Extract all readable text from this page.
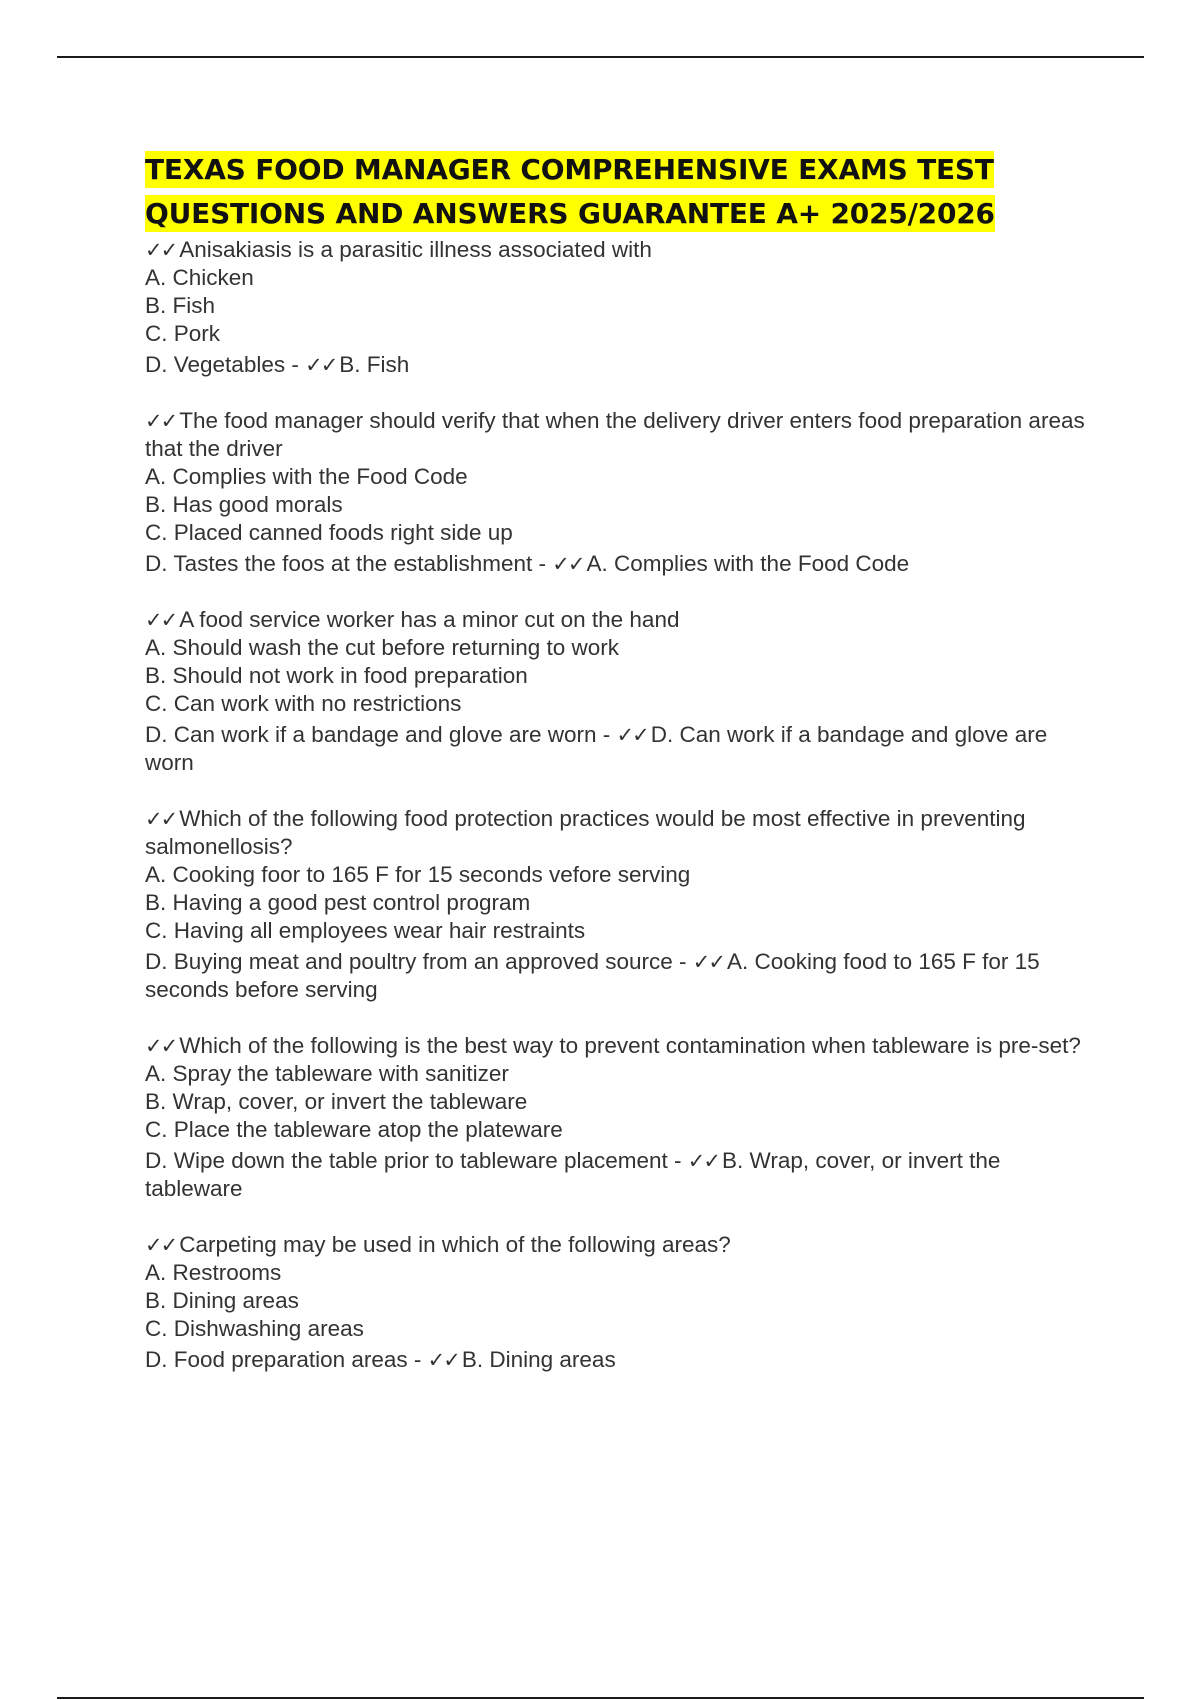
TEXAS FOOD MANAGER COMPREHENSIVE EXAMS TEST
QUESTIONS AND ANSWERS GUARANTEE A+ 2025/2026

✓✓ Anisakiasis is a parasitic illness associated with

A. Chicken

B. Fish

C. Pork

D. Vegetables - ✓✓ B. Fish

✓✓ The food manager should verify that when the delivery driver enters food preparation areas that the driver

A. Complies with the Food Code

B. Has good morals

C. Placed canned foods right side up

D. Tastes the foos at the establishment - ✓✓ A. Complies with the Food Code

✓✓ A food service worker has a minor cut on the hand

A. Should wash the cut before returning to work

B. Should not work in food preparation

C. Can work with no restrictions

D. Can work if a bandage and glove are worn - ✓✓ D. Can work if a bandage and glove are worn

✓✓ Which of the following food protection practices would be most effective in preventing salmonellosis?

A. Cooking foor to 165 F for 15 seconds vefore serving

B. Having a good pest control program

C. Having all employees wear hair restraints

D. Buying meat and poultry from an approved source - ✓✓ A. Cooking food to 165 F for 15 seconds before serving

✓✓ Which of the following is the best way to prevent contamination when tableware is pre-set?

A. Spray the tableware with sanitizer

B. Wrap, cover, or invert the tableware

C. Place the tableware atop the plateware

D. Wipe down the table prior to tableware placement - ✓✓ B. Wrap, cover, or invert the tableware

✓✓ Carpeting may be used in which of the following areas?

A. Restrooms

B. Dining areas

C. Dishwashing areas

D. Food preparation areas - ✓✓ B. Dining areas
